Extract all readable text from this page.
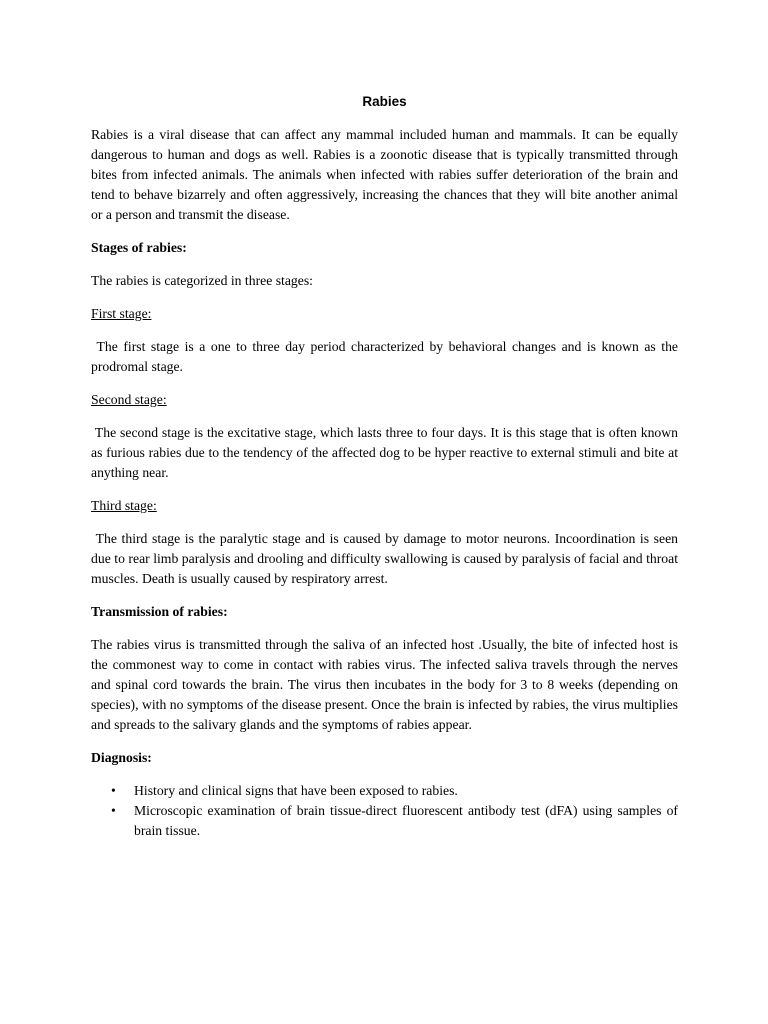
Rabies

Rabies is a viral disease that can affect any mammal included human and mammals. It can be equally dangerous to human and dogs as well. Rabies is a zoonotic disease that is typically transmitted through bites from infected animals. The animals when infected with rabies suffer deterioration of the brain and tend to behave bizarrely and often aggressively, increasing the chances that they will bite another animal or a person and transmit the disease.

Stages of rabies:

The rabies is categorized in three stages:

First stage:

The first stage is a one to three day period characterized by behavioral changes and is known as the prodromal stage.

Second stage:

The second stage is the excitative stage, which lasts three to four days. It is this stage that is often known as furious rabies due to the tendency of the affected dog to be hyper reactive to external stimuli and bite at anything near.

Third stage:

The third stage is the paralytic stage and is caused by damage to motor neurons. Incoordination is seen due to rear limb paralysis and drooling and difficulty swallowing is caused by paralysis of facial and throat muscles. Death is usually caused by respiratory arrest.

Transmission of rabies:

The rabies virus is transmitted through the saliva of an infected host .Usually, the bite of infected host is the commonest way to come in contact with rabies virus. The infected saliva travels through the nerves and spinal cord towards the brain. The virus then incubates in the body for 3 to 8 weeks (depending on species), with no symptoms of the disease present. Once the brain is infected by rabies, the virus multiplies and spreads to the salivary glands and the symptoms of rabies appear.

Diagnosis:
• History and clinical signs that have been exposed to rabies.
• Microscopic examination of brain tissue-direct fluorescent antibody test (dFA) using samples of brain tissue.
